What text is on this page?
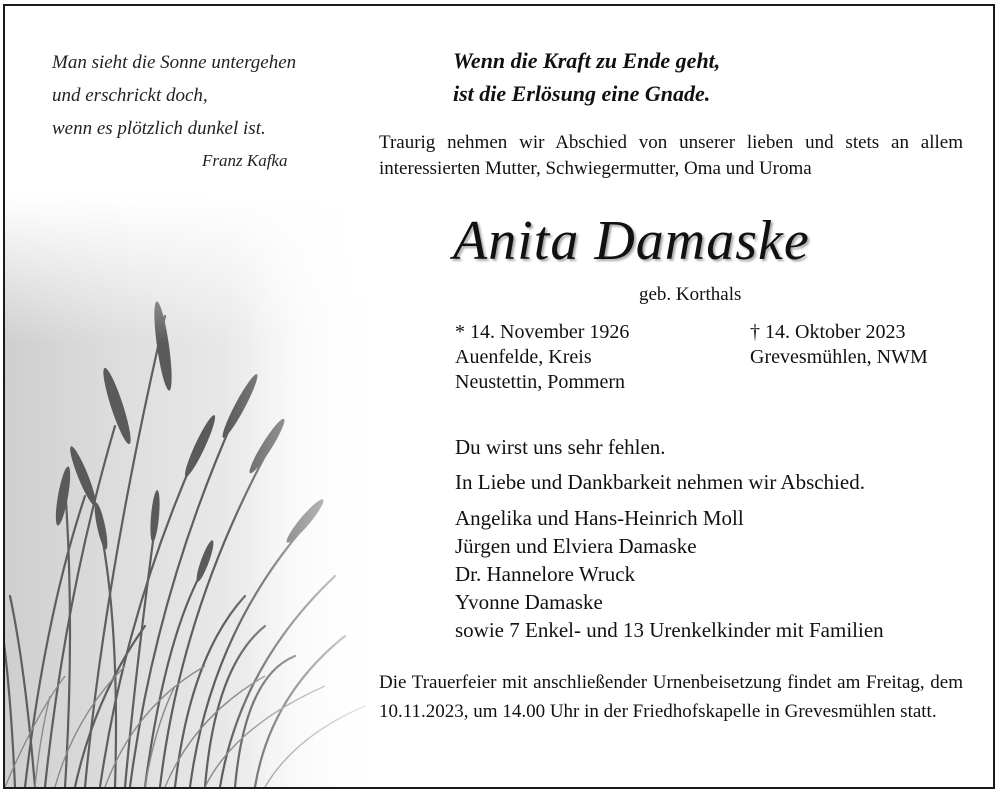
Man sieht die Sonne untergehen
und erschrickt doch,
wenn es plötzlich dunkel ist.
Franz Kafka
Wenn die Kraft zu Ende geht,
ist die Erlösung eine Gnade.
Traurig nehmen wir Abschied von unserer lieben und stets an allem interessierten Mutter, Schwiegermutter, Oma und Uroma
Anita Damaske
geb. Korthals
* 14. November 1926
Auenfelde, Kreis
Neustettin, Pommern
† 14. Oktober 2023
Grevesmühlen, NWM
Du wirst uns sehr fehlen.
In Liebe und Dankbarkeit nehmen wir Abschied.
Angelika und Hans-Heinrich Moll
Jürgen und Elviera Damaske
Dr. Hannelore Wruck
Yvonne Damaske
sowie 7 Enkel- und 13 Urenkelkinder mit Familien
Die Trauerfeier mit anschließender Urnenbeisetzung findet am Freitag, dem 10.11.2023, um 14.00 Uhr in der Friedhofskapelle in Grevesmühlen statt.
